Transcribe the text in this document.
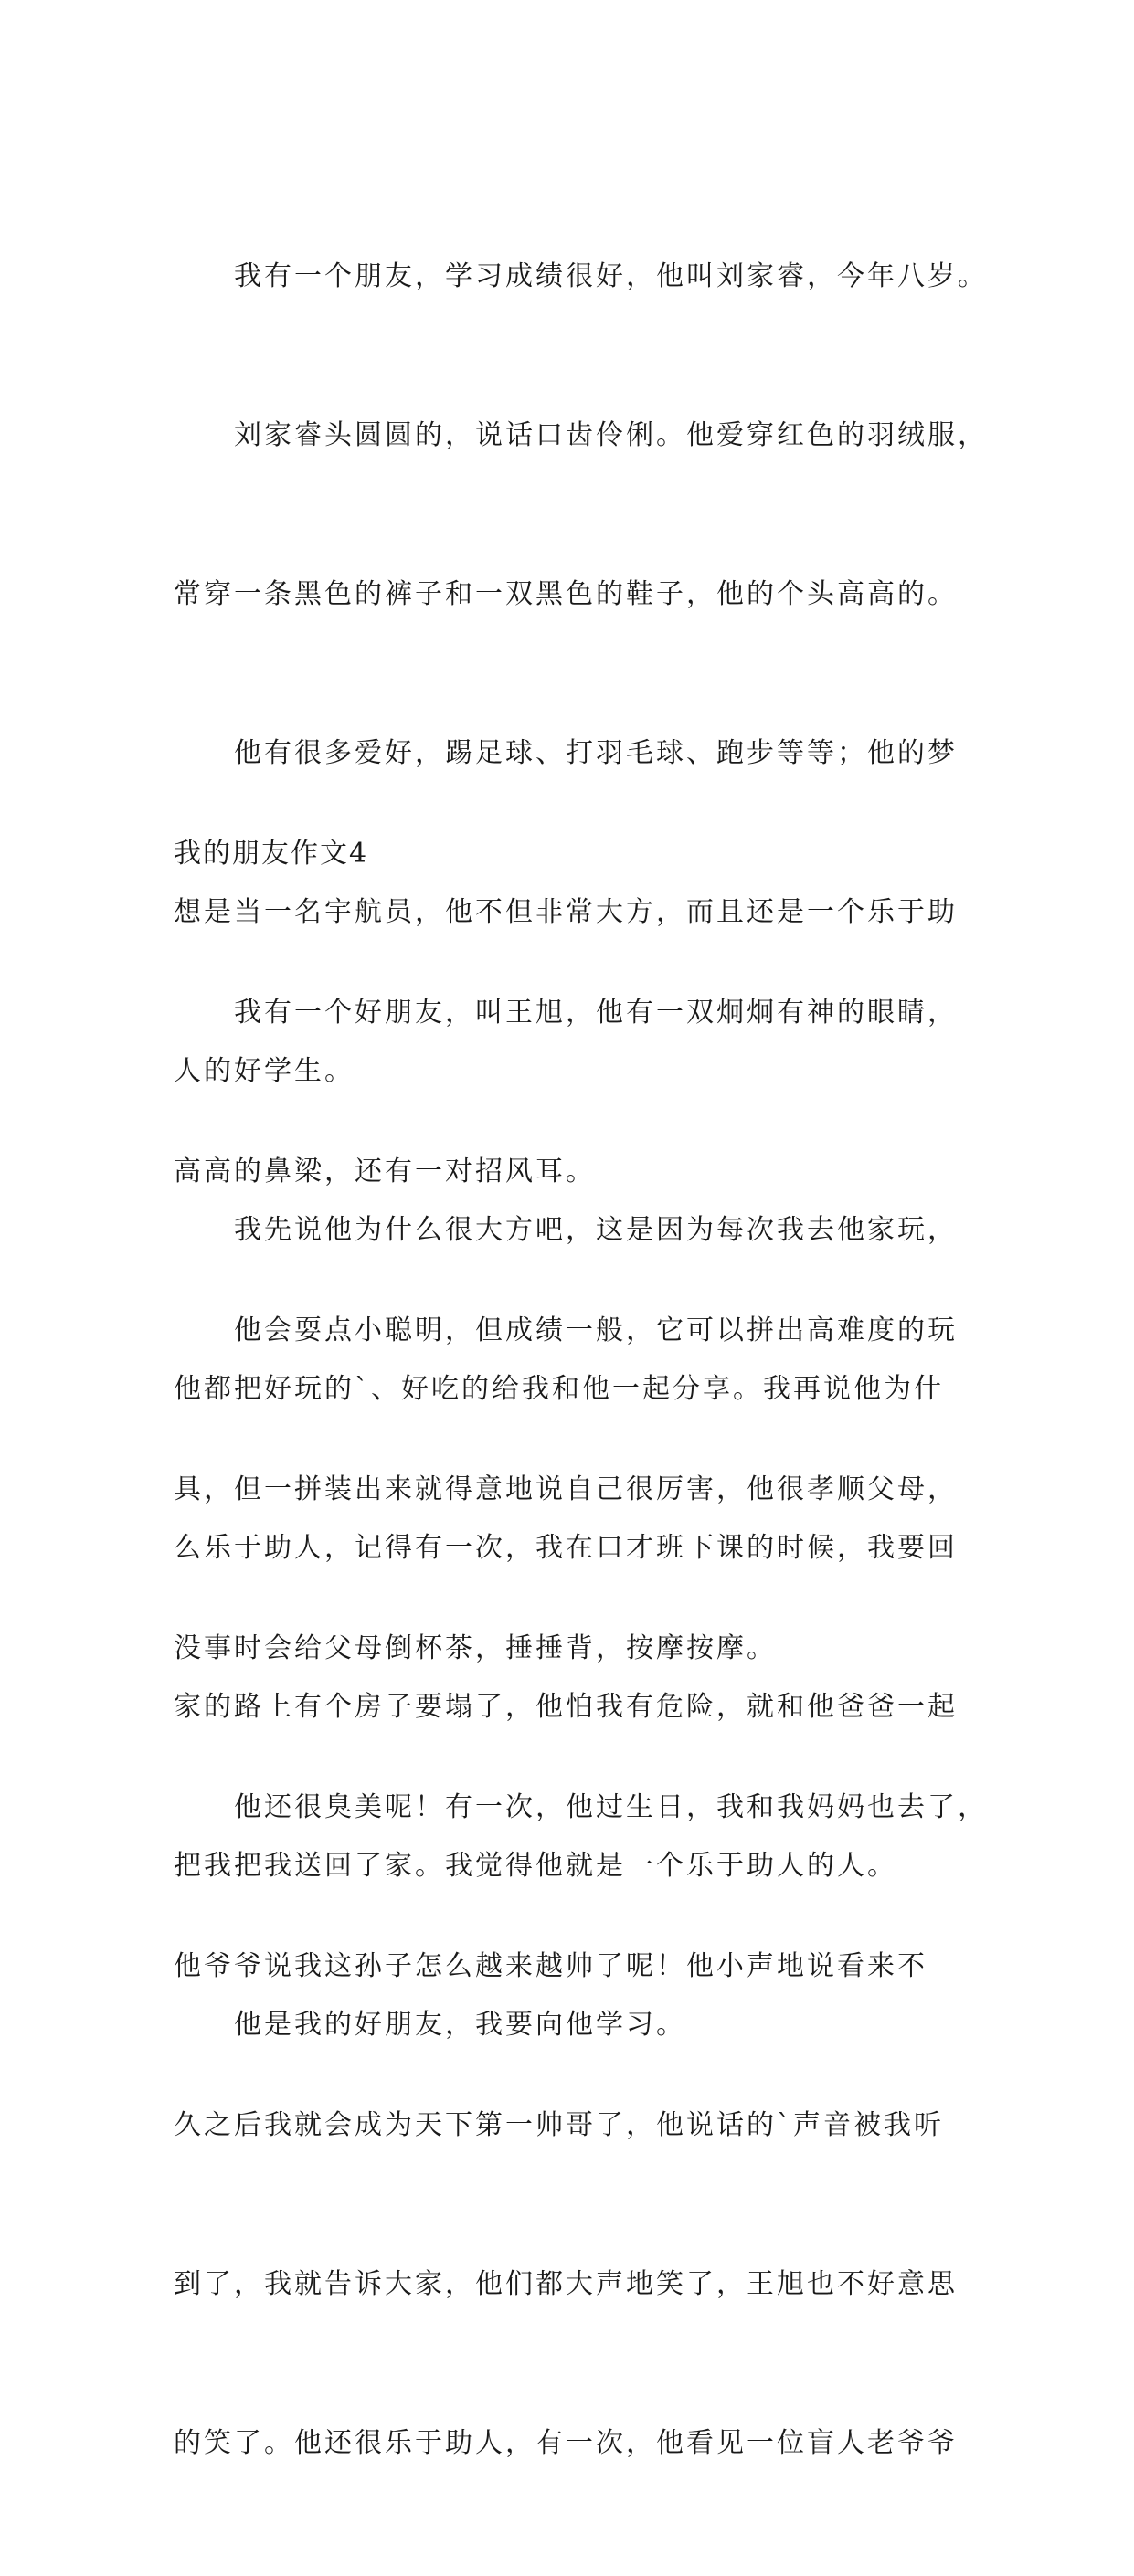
我有一个朋友，学习成绩很好，他叫刘家睿，今年八岁。

刘家睿头圆圆的，说话口齿伶俐。他爱穿红色的羽绒服，

常穿一条黑色的裤子和一双黑色的鞋子，他的个头高高的。

他有很多爱好，踢足球、打羽毛球、跑步等等；他的梦

想是当一名宇航员，他不但非常大方，而且还是一个乐于助

人的好学生。

我先说他为什么很大方吧，这是因为每次我去他家玩，

他都把好玩的`、好吃的给我和他一起分享。我再说他为什

么乐于助人，记得有一次，我在口才班下课的时候，我要回

家的路上有个房子要塌了，他怕我有危险，就和他爸爸一起

把我把我送回了家。我觉得他就是一个乐于助人的人。

他是我的好朋友，我要向他学习。

我的朋友作文4

我有一个好朋友，叫王旭，他有一双炯炯有神的眼睛，

高高的鼻梁，还有一对招风耳。

他会耍点小聪明，但成绩一般，它可以拼出高难度的玩

具，但一拼装出来就得意地说自己很厉害，他很孝顺父母，

没事时会给父母倒杯茶，捶捶背，按摩按摩。

他还很臭美呢！有一次，他过生日，我和我妈妈也去了，

他爷爷说我这孙子怎么越来越帅了呢！他小声地说看来不

久之后我就会成为天下第一帅哥了，他说话的`声音被我听

到了，我就告诉大家，他们都大声地笑了，王旭也不好意思

的笑了。他还很乐于助人，有一次，他看见一位盲人老爷爷
